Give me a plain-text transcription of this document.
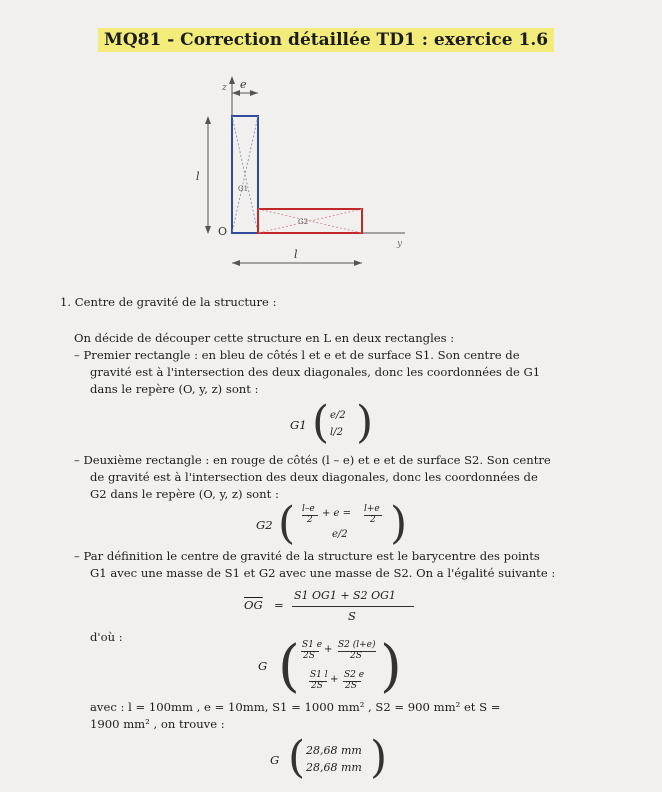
MQ81 - Correction détaillée TD1 : exercice 1.6
z e
y
l
G1
G2
O
l
1. Centre de gravité de la structure :
On décide de découper cette structure en L en deux rectangles :
– Premier rectangle : en bleu de côtés l et e et de surface S1. Son centre de
gravité est à l'intersection des deux diagonales, donc les coordonnées de G1
dans le repère (O, y, z) sont :
G1 ( e/2
l/2 )
– Deuxième rectangle : en rouge de côtés (l – e) et e et de surface S2. Son centre
de gravité est à l'intersection des deux diagonales, donc les coordonnées de
G2 dans le repère (O, y, z) sont :
G2 ( l–e
2
+ e = l+e
2
e/2 )
– Par définition le centre de gravité de la structure est le barycentre des points
G1 avec une masse de S1 et G2 avec une masse de S2. On a l'égalité suivante :
$\overline{OG}$ =
S1 OG1 + S2 OG1
S
d'où :
G ( S1 e
2S
+ S2 (l+e)
2S
S1 l
2S
+ S2 e
2S )
avec : l = 100mm , e = 10mm, S1 = 1000 mm² , S2 = 900 mm² et S =
1900 mm² , on trouve :
G ( 28,68 mm
28,68 mm )
